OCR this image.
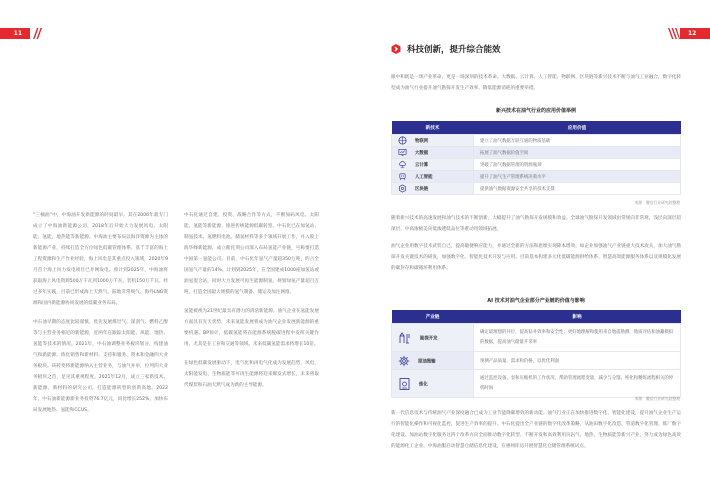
11

“三桶油”中，中海油开发新能源的时间最早。其在2006年就专门成立了中海油新能源公司，2018年后开始大力发展风电、太阳能、氢能、地热能等新能源。中海油主要布局以海洋资源为主体的新能源产业，持续打造全方位绿色低碳管理体系。基于丰富的海上工程资源和生产作业经验，海上风电是其重点投入领域，2020年9月首个海上风力发电项目已并网发电。预计到2025年，中海油将获取海上风电资源500万千瓦到1000万千瓦，装机150万千瓦。经过多年实践，目前已形成海上天然气、陆地非常规气、海外LNG资源和国内新能源协同发展的低碳业务布局。

中石油早期的态度比较谨慎，优先发展煤层气、深剖气、燃料乙醇等与主营业务相近的新能源，近两年在跟踪太阳能、风能、地热、氢能等技术的情况。2021年，中石油调整业务板块划分，构建油气和新能源、炼化销售和新材料、支持和服务、资本和金融四大业务板块。该转变将新能源纳入主营业务，与油气并举，位列四大业务板块之首，足见其重视程度。2021年12月，成立三家新技术、新能源、新材料的研究公司，打造能源转型的创新高地。2022年，中石油新能源新业务投资76.7亿元，同比增长252%，加快布局发展地热、氢能和CCUS。

中石化通过自建、投资、战略合作等方式，不断加码风电、太阳能、氢能等新能源，推进传统能源低碳转型。中石化已在加氢站、制氢技术、氢燃料电池、储氢材料等多个领域开展工作，并入股上海华峰新能源，成立催化剂公司深入布局氢能产业链，号称要打造中国第一氢能公司。目前，中石化年氢气产量超350万吨，约占全国氢气产量的14%。计划到2025年，在全国建成1000座加氢站或油氢混合站，同时大力发展可再生能源制氢，规划绿氢产量超百万吨，打造全国最大规模的氢气制备、储运及加注网络。

氢能被视为21世纪最具有潜力的清洁新能源，油气企业在氢能发展方面具有先天优势，未来氢能发展将成为油气企业发展新能源的重要机遇。BP预计，低碳氢能将在能源系统脱碳进程中发挥关键作用，尤其是在工业和交通等领域。未来低碳氢能需求将增长10倍。

在绿色低碳发展驱动下，电气化和再电气化成为发展趋势，风电、太阳能发电、生物质能等可再生能源将迎来爆发式增长，未来将取代煤炭和石油天然气成为新的主导能源。

12
科技创新，提升综合能效
眼中和既是一场产业革命，更是一场深刻的技术革命。大数据、云计算、人工智能、物联网、区块链等新兴技术不断与油气工业融合，数字化转型成为油气行业提升油气勘探开发生产效率、降低能源消耗的重要举措。
新兴技术在油气行业的应用价值举例
新技术	应用价值
物联网	建立了油气数据互联互通的物质基础
大数据	拓展了油气数据价值空间
云计算	突破了油气数据管理的资源瓶颈
人工智能	提升了油气生产管理系统决策水平
区块链	提供油气数据资源安全共享的技术支撑
来源：微信行业研究院整理
随着新兴技术的高速发展和油气技术的不断创新，大幅提升了油气勘探开发规模和效益。全球油气勘探开发领域由常规向非常规、浅层向深层超深层、中高渗极美向低渗透低品位等难动用领域拓展。
油气企业用数字技术武装自己，提高敏捷响应能力，并通过全新的方法和思维实现降本增效。如企业加强油气产业链重大技术攻关，加大油气勘探开发关键技术的研发，加强数字化、智能化技术开发与应用。目前基本构建多元化低碳能源供给体系、智慧高效能源服务体系以及规模化发展的碳封存和碳循环利用体系。
AI 技术对油气企业部分产业链的价值与影响
产业链	影响
勘探开发	确定最理想的井位，提高钻井效率和安全性；更好地理解和使用来自地震勘测、地质评估和油藏模拟的数据，提高油气储量开采率
原油集输	预测产品质量、需求和价格，以优化利润
炼化	通过监控设备、泵和压缩机的工作状况，帮助管理流程变量，减少与分馏、纯化和精炼流程相关的停机时间
来源：微信行业研究院整理
新一代信息技术与传统油气产业深度融合已成为工业节能降碳增效的新动能。油气行业正在加快推进数字化、智能化建设，提升油气企业生产运行的智能化操作和可视化监控，促进生产效率的提升。中石化提出全产业链的数字化改革策略，从油田数字化改造、管道数字化管理、炼厂数字化建设、加油站数字化服务这四个改革方向全面推动数字化转型。不断开发和高效利用页岩气、地热、生物质能等新兴产业，努力成为绿色高效的能源化工企业。中海油服启动智慧仓储信息化建设，在惠州库房开展智慧化仓储管理系统试点。
